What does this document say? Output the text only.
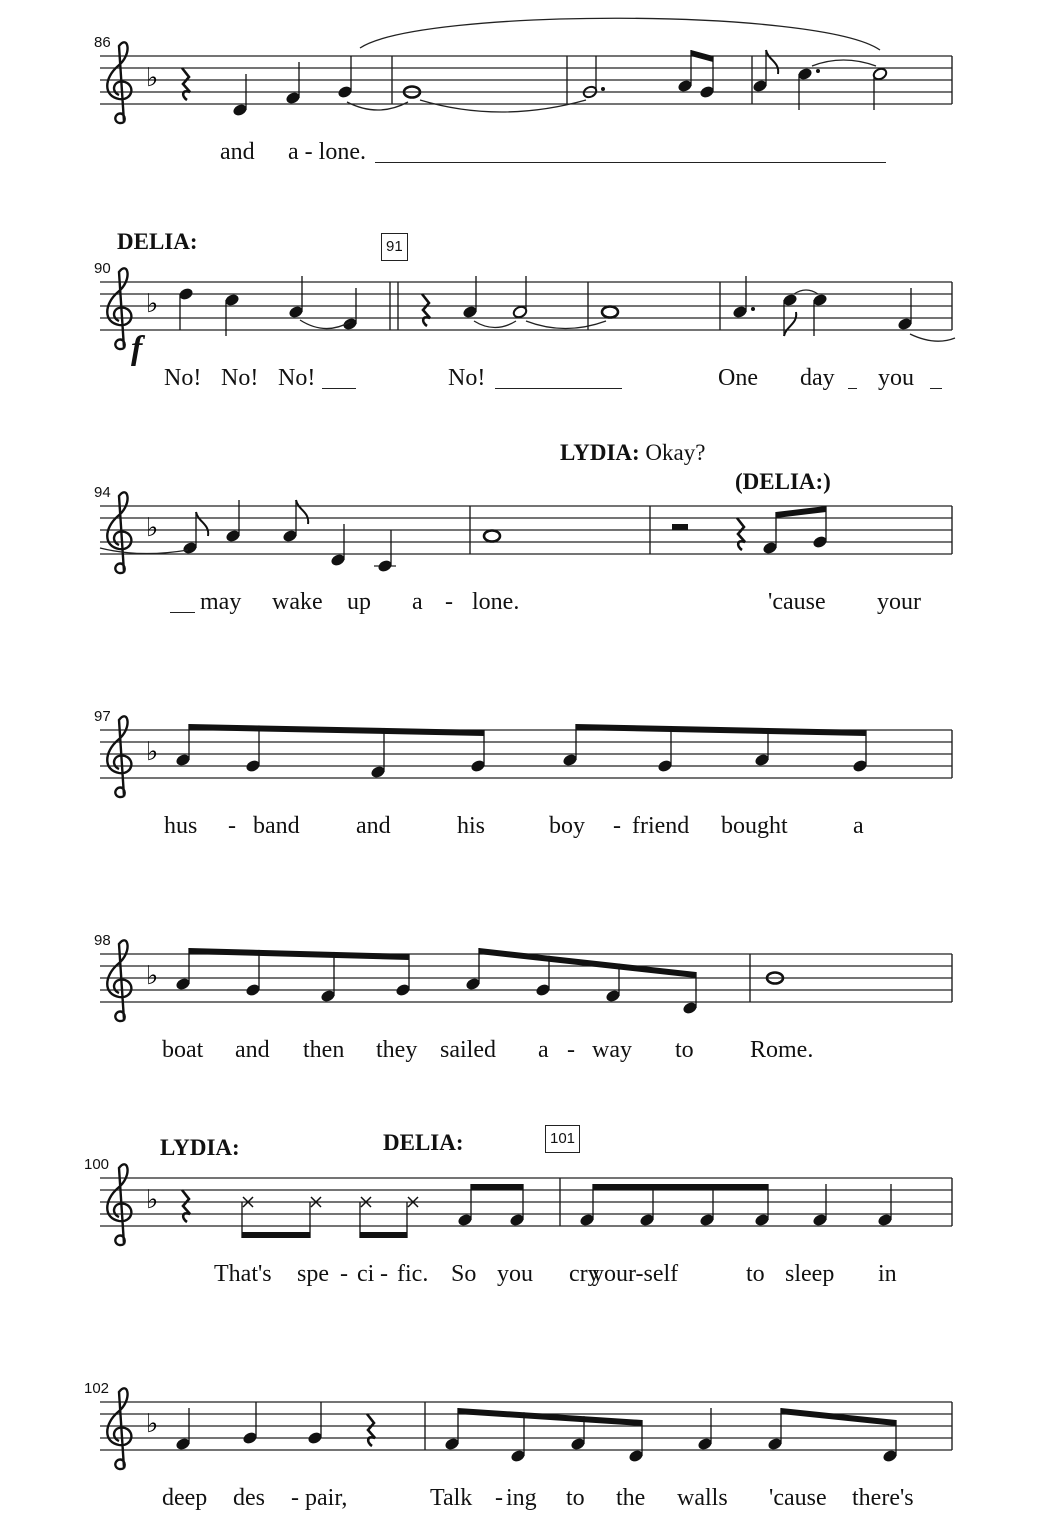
♭
♭
♭
♭
♭
♭
♭
86
and a - lone.
90
No! No! No!	No!	One day you
94
may wake up a - lone.	'cause your
97
hus - band and	his	boy - friend bought	a
98
boat and then they sailed a - way to Rome.
100
That's spe - ci - fic. So you cry
your-self	to sleep in
102
deep des - pair,	Talk - ing to the walls 'cause there's
DELIA:	91
f
LYDIA: Okay?
(DELIA:)
LYDIA:	DELIA:	101
